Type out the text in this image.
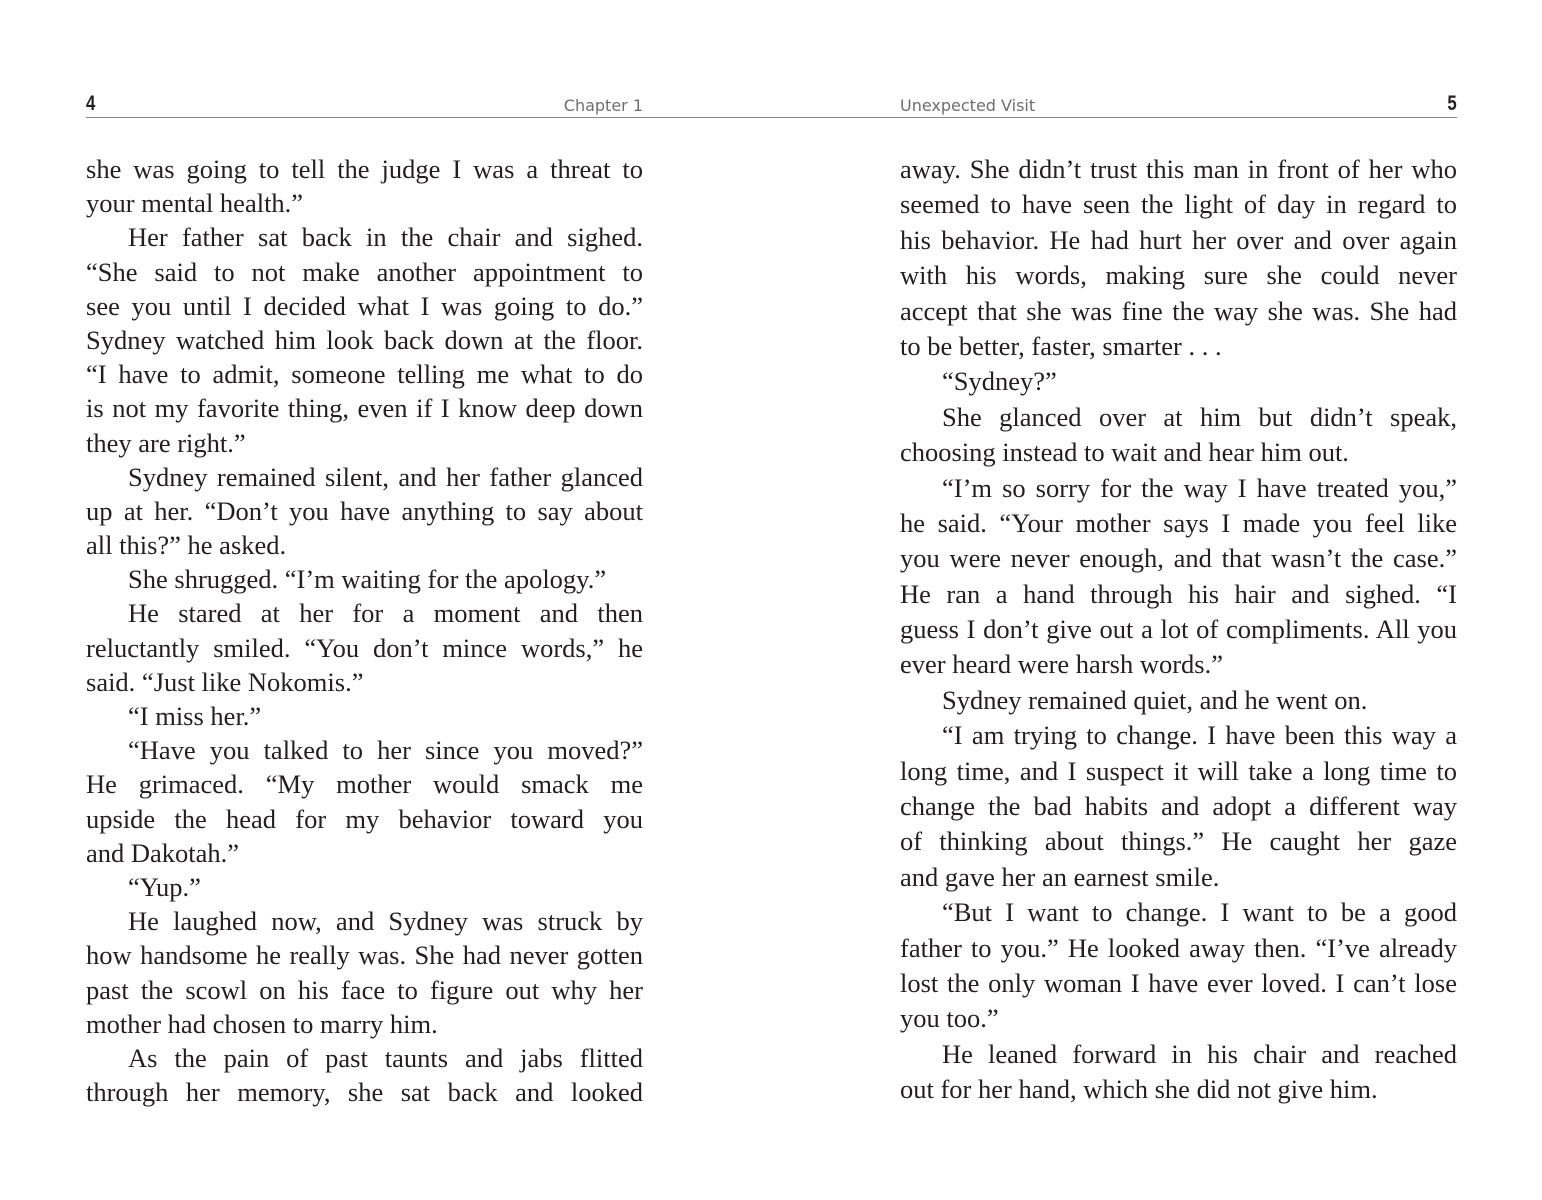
4	Chapter 1
she was going to tell the judge I was a threat to
your mental health.”
Her father sat back in the chair and sighed.
“She said to not make another appointment to
see you until I decided what I was going to do.”
Sydney watched him look back down at the floor.
“I have to admit, someone telling me what to do
is not my favorite thing, even if I know deep down
they are right.”
Sydney remained silent, and her father glanced
up at her. “Don’t you have anything to say about
all this?” he asked.
She shrugged. “I’m waiting for the apology.”
He stared at her for a moment and then
reluctantly smiled. “You don’t mince words,” he
said. “Just like Nokomis.”
“I miss her.”
“Have you talked to her since you moved?”
He grimaced. “My mother would smack me
upside the head for my behavior toward you
and Dakotah.”
“Yup.”
He laughed now, and Sydney was struck by
how handsome he really was. She had never gotten
past the scowl on his face to figure out why her
mother had chosen to marry him.
As the pain of past taunts and jabs flitted
through her memory, she sat back and looked
Unexpected Visit	5
away. She didn’t trust this man in front of her who
seemed to have seen the light of day in regard to
his behavior. He had hurt her over and over again
with his words, making sure she could never
accept that she was fine the way she was. She had
to be better, faster, smarter . . .
“Sydney?”
She glanced over at him but didn’t speak,
choosing instead to wait and hear him out.
“I’m so sorry for the way I have treated you,”
he said. “Your mother says I made you feel like
you were never enough, and that wasn’t the case.”
He ran a hand through his hair and sighed. “I
guess I don’t give out a lot of compliments. All you
ever heard were harsh words.”
Sydney remained quiet, and he went on.
“I am trying to change. I have been this way a
long time, and I suspect it will take a long time to
change the bad habits and adopt a different way
of thinking about things.” He caught her gaze
and gave her an earnest smile.
“But I want to change. I want to be a good
father to you.” He looked away then. “I’ve already
lost the only woman I have ever loved. I can’t lose
you too.”
He leaned forward in his chair and reached
out for her hand, which she did not give him.
